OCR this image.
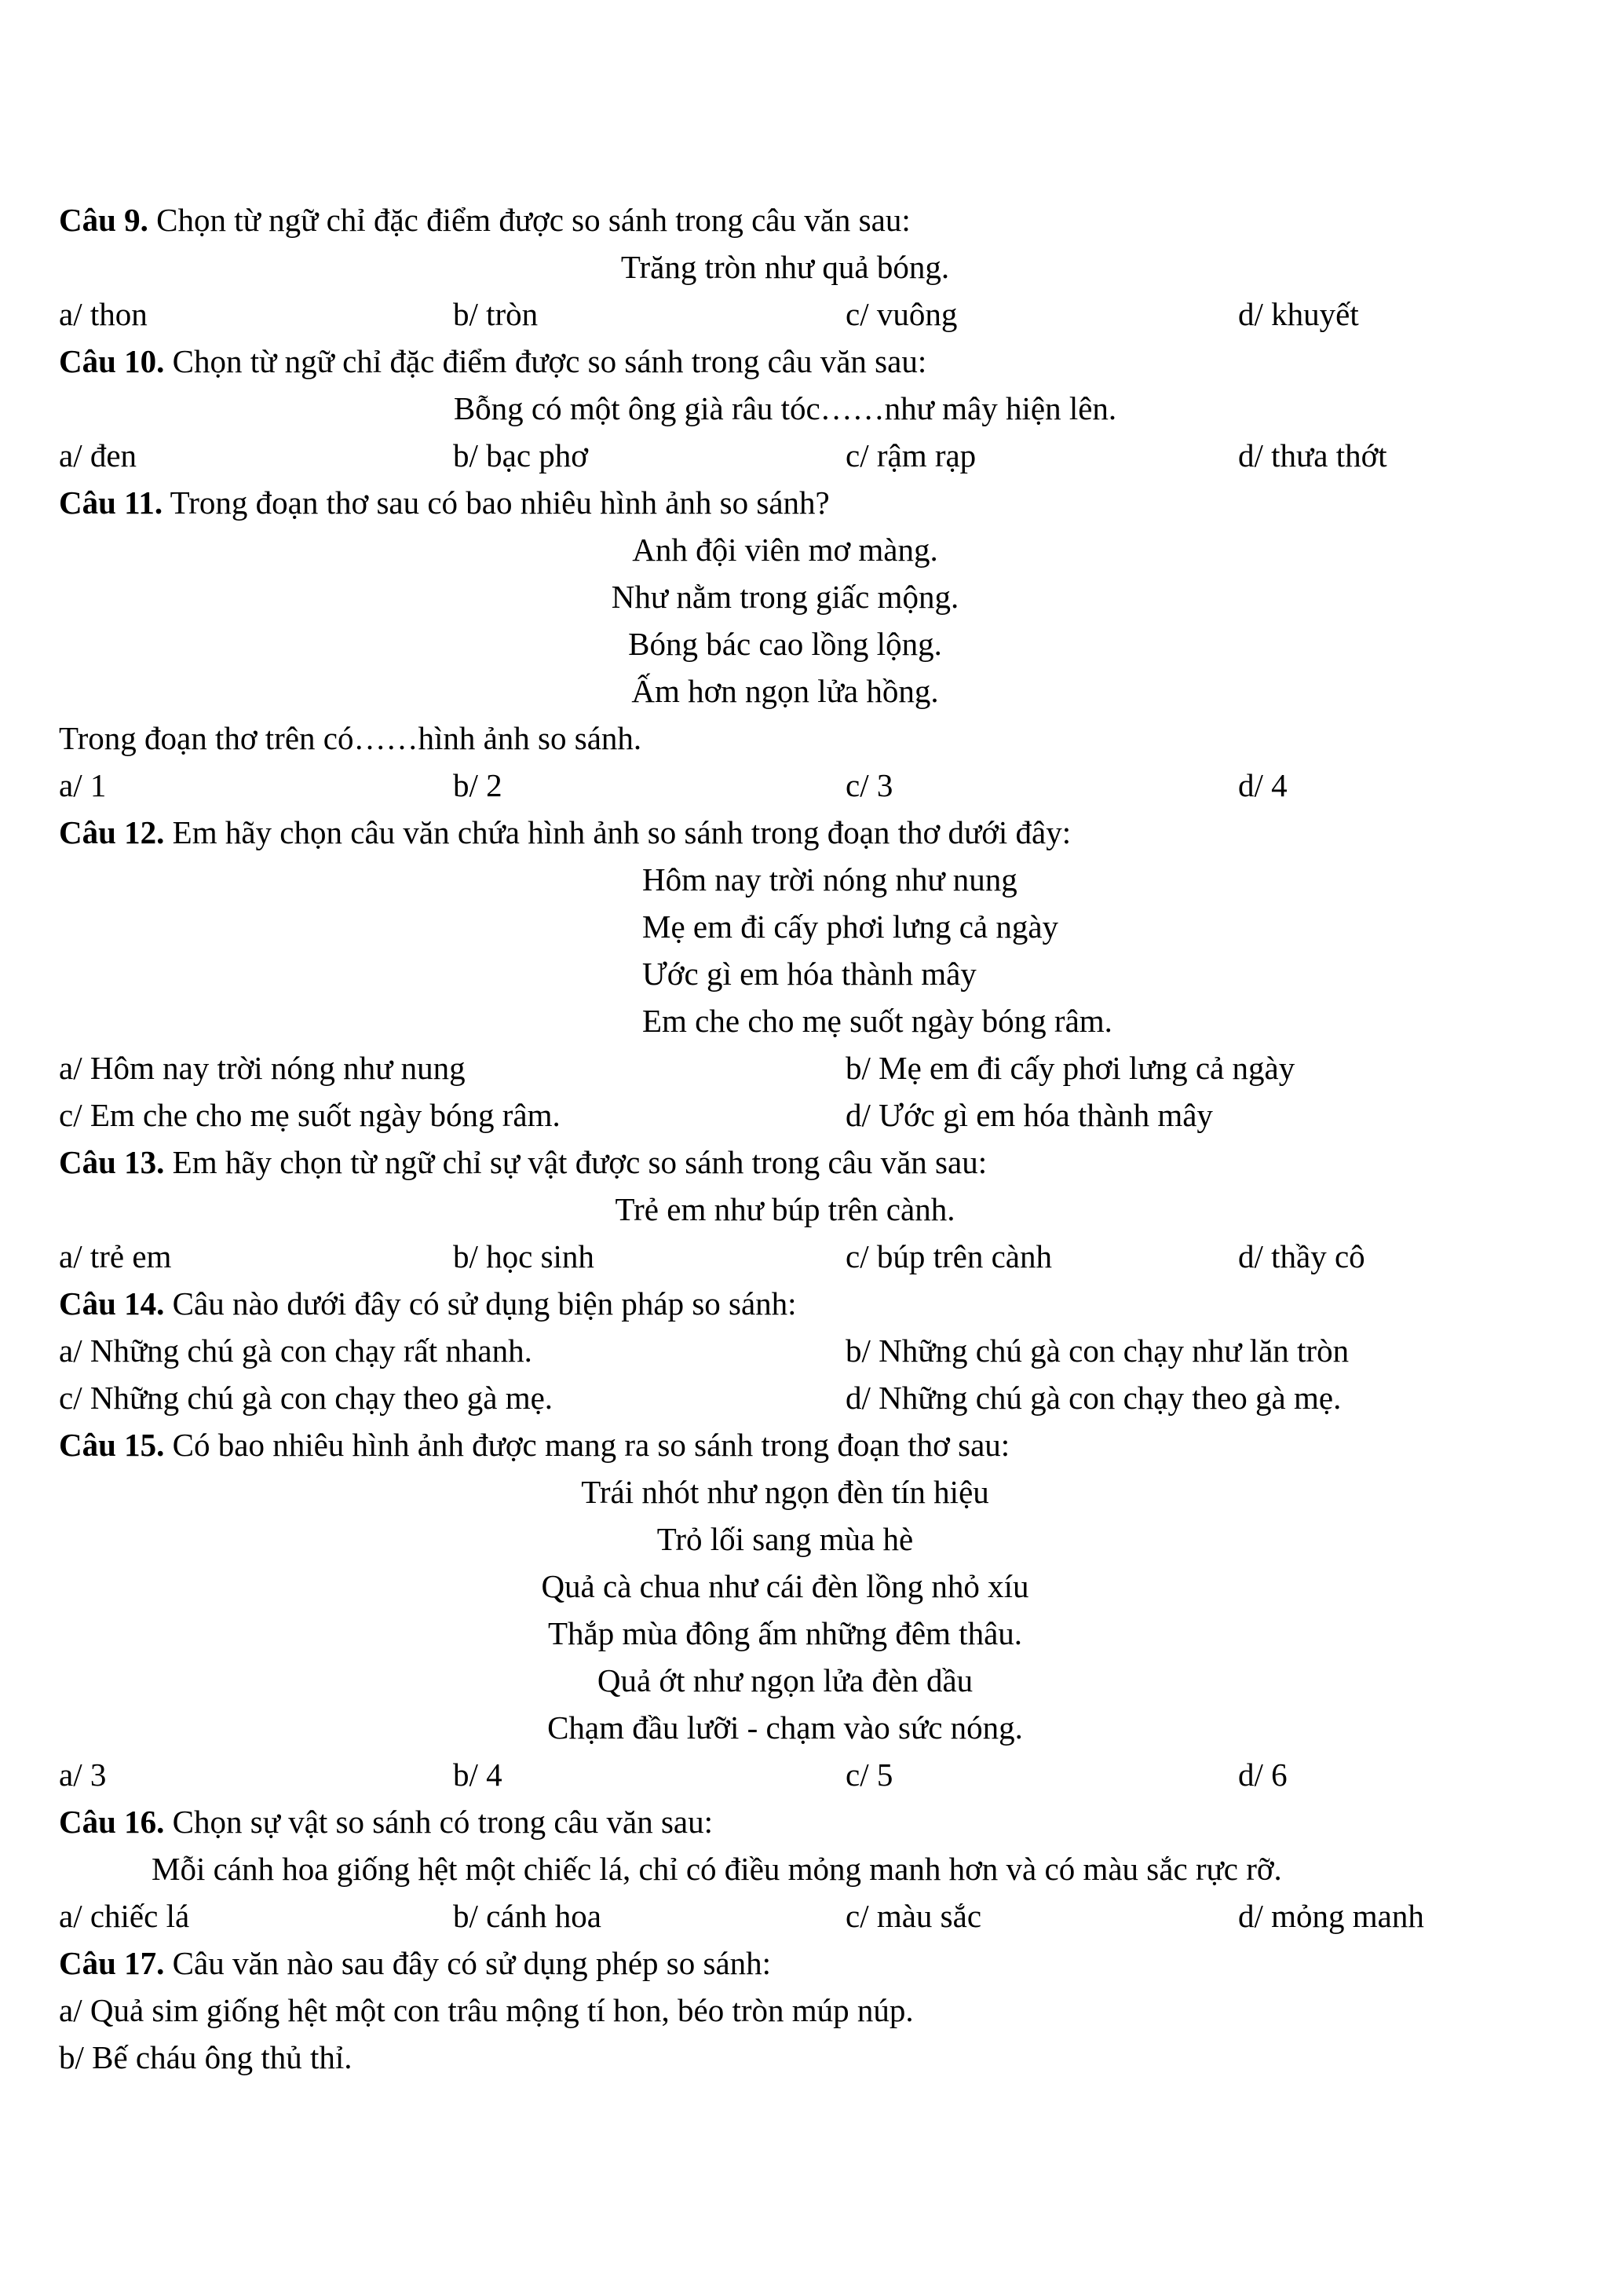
Câu 9. Chọn từ ngữ chỉ đặc điểm được so sánh trong câu văn sau:
Trăng tròn như quả bóng.
a/ thon	b/ tròn	c/ vuông	d/ khuyết
Câu 10. Chọn từ ngữ chỉ đặc điểm được so sánh trong câu văn sau:
Bỗng có một ông già râu tóc……như mây hiện lên.
a/ đen	b/ bạc phơ	c/ rậm rạp	d/ thưa thớt
Câu 11. Trong đoạn thơ sau có bao nhiêu hình ảnh so sánh?
Anh đội viên mơ màng.
Như nằm trong giấc mộng.
Bóng bác cao lồng lộng.
Ấm hơn ngọn lửa hồng.
Trong đoạn thơ trên có……hình ảnh so sánh.
a/ 1	b/ 2	c/ 3	d/ 4
Câu 12. Em hãy chọn câu văn chứa hình ảnh so sánh trong đoạn thơ dưới đây:
Hôm nay trời nóng như nung
Mẹ em đi cấy phơi lưng cả ngày
Ước gì em hóa thành mây
Em che cho mẹ suốt ngày bóng râm.
a/ Hôm nay trời nóng như nung	b/ Mẹ em đi cấy phơi lưng cả ngày
c/ Em che cho mẹ suốt ngày bóng râm.	d/ Ước gì em hóa thành mây
Câu 13. Em hãy chọn từ ngữ chỉ sự vật được so sánh trong câu văn sau:
Trẻ em như búp trên cành.
a/ trẻ em	b/ học sinh	c/ búp trên cành	d/ thầy cô
Câu 14. Câu nào dưới đây có sử dụng biện pháp so sánh:
a/ Những chú gà con chạy rất nhanh.	b/ Những chú gà con chạy như lăn tròn
c/ Những chú gà con chạy theo gà mẹ.	d/ Những chú gà con chạy theo gà mẹ.
Câu 15. Có bao nhiêu hình ảnh được mang ra so sánh trong đoạn thơ sau:
Trái nhót như ngọn đèn tín hiệu
Trỏ lối sang mùa hè
Quả cà chua như cái đèn lồng nhỏ xíu
Thắp mùa đông ấm những đêm thâu.
Quả ớt như ngọn lửa đèn dầu
Chạm đầu lưỡi - chạm vào sức nóng.
a/ 3	b/ 4	c/ 5	d/ 6
Câu 16. Chọn sự vật so sánh có trong câu văn sau:
Mỗi cánh hoa giống hệt một chiếc lá, chỉ có điều mỏng manh hơn và có màu sắc rực rỡ.
a/ chiếc lá	b/ cánh hoa	c/ màu sắc	d/ mỏng manh
Câu 17. Câu văn nào sau đây có sử dụng phép so sánh:
a/ Quả sim giống hệt một con trâu mộng tí hon, béo tròn múp núp.
b/ Bế cháu ông thủ thỉ.
